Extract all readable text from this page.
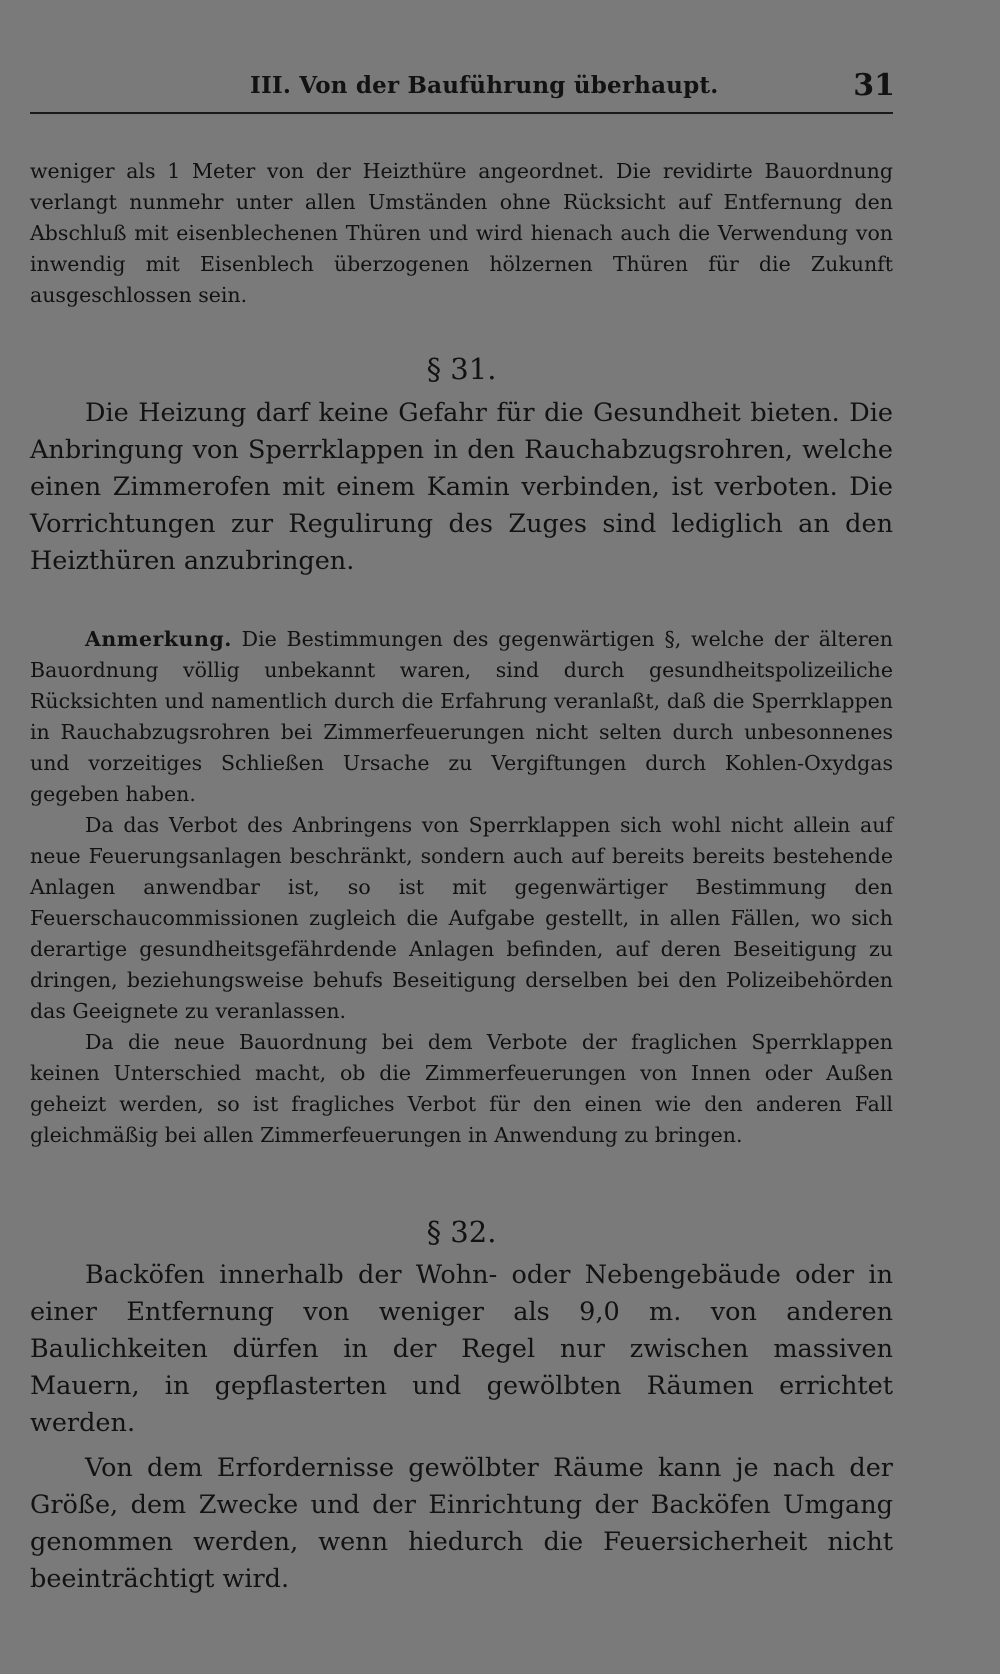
III. Von der Bauführung überhaupt.	31

weniger als 1 Meter von der Heizthüre angeordnet. Die revidirte Bauordnung verlangt nunmehr unter allen Umständen ohne Rücksicht auf Entfernung den Abschluß mit eisenblechenen Thüren und wird hienach auch die Verwendung von inwendig mit Eisenblech überzogenen hölzernen Thüren für die Zukunft ausgeschlossen sein.

§ 31.

Die Heizung darf keine Gefahr für die Gesundheit bieten. Die Anbringung von Sperrklappen in den Rauchabzugsrohren, welche einen Zimmerofen mit einem Kamin verbinden, ist verboten. Die Vorrichtungen zur Regulirung des Zuges sind lediglich an den Heizthüren anzubringen.

Anmerkung. Die Bestimmungen des gegenwärtigen §, welche der älteren Bauordnung völlig unbekannt waren, sind durch gesundheitspolizeiliche Rücksichten und namentlich durch die Erfahrung veranlaßt, daß die Sperrklappen in Rauchabzugsrohren bei Zimmerfeuerungen nicht selten durch unbesonnenes und vorzeitiges Schließen Ursache zu Vergiftungen durch Kohlen-Oxydgas gegeben haben.

Da das Verbot des Anbringens von Sperrklappen sich wohl nicht allein auf neue Feuerungsanlagen beschränkt, sondern auch auf bereits bereits bestehende Anlagen anwendbar ist, so ist mit gegenwärtiger Bestimmung den Feuerschaucommissionen zugleich die Aufgabe gestellt, in allen Fällen, wo sich derartige gesundheitsgefährdende Anlagen befinden, auf deren Beseitigung zu dringen, beziehungsweise behufs Beseitigung derselben bei den Polizeibehörden das Geeignete zu veranlassen.

Da die neue Bauordnung bei dem Verbote der fraglichen Sperrklappen keinen Unterschied macht, ob die Zimmerfeuerungen von Innen oder Außen geheizt werden, so ist fragliches Verbot für den einen wie den anderen Fall gleichmäßig bei allen Zimmerfeuerungen in Anwendung zu bringen.

§ 32.

Backöfen innerhalb der Wohn- oder Nebengebäude oder in einer Entfernung von weniger als 9,0 m. von anderen Baulichkeiten dürfen in der Regel nur zwischen massiven Mauern, in gepflasterten und gewölbten Räumen errichtet werden.

Von dem Erfordernisse gewölbter Räume kann je nach der Größe, dem Zwecke und der Einrichtung der Backöfen Umgang genommen werden, wenn hiedurch die Feuersicherheit nicht beeinträchtigt wird.
